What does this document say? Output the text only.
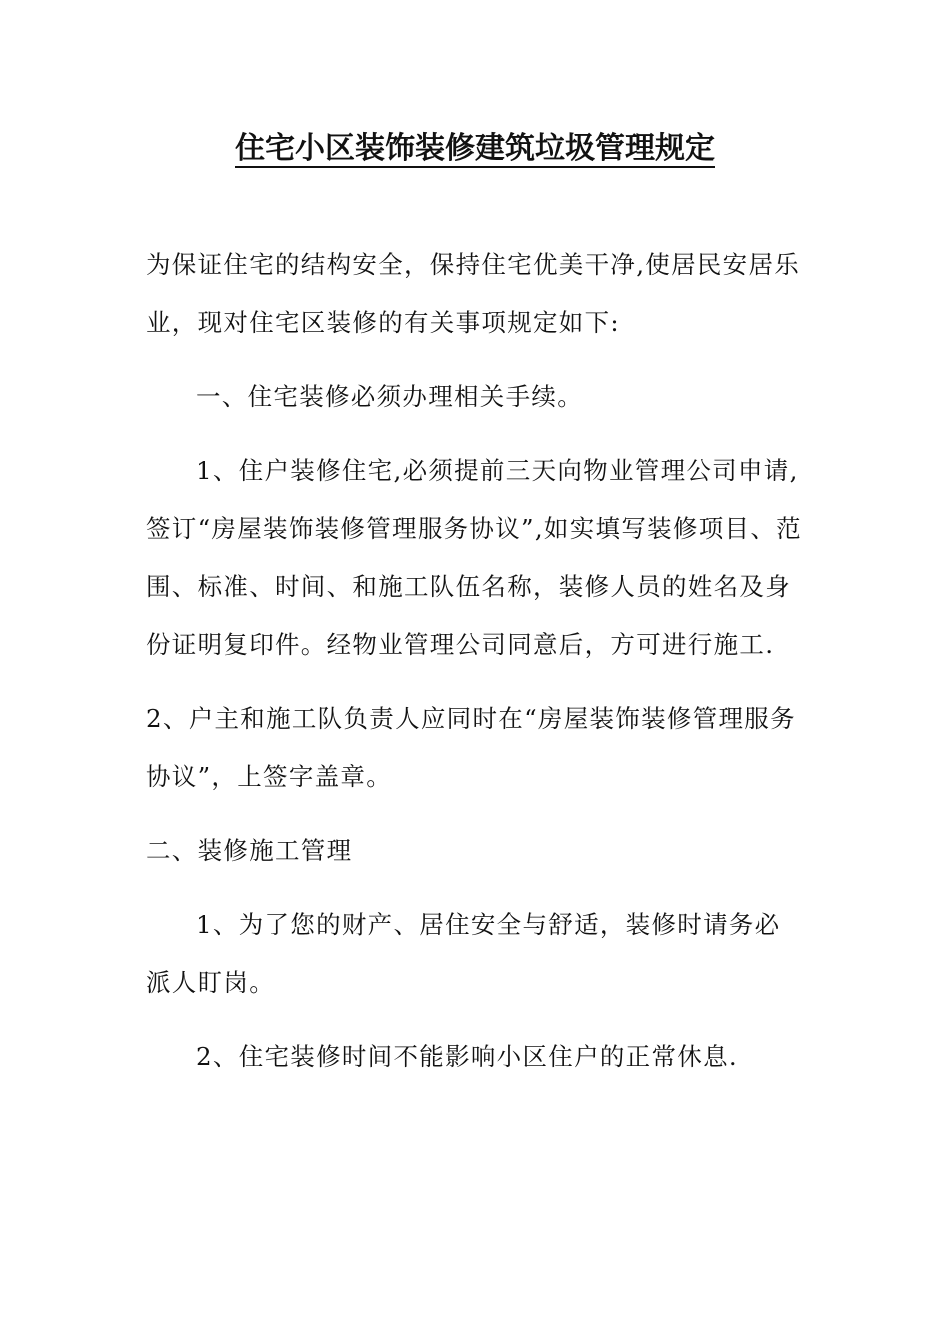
住宅小区装饰装修建筑垃圾管理规定

为保证住宅的结构安全，保持住宅优美干净,使居民安居乐业，现对住宅区装修的有关事项规定如下:

一、住宅装修必须办理相关手续。

1、住户装修住宅,必须提前三天向物业管理公司申请,签订“房屋装饰装修管理服务协议”,如实填写装修项目、范围、标准、时间、和施工队伍名称，装修人员的姓名及身份证明复印件。经物业管理公司同意后，方可进行施工.

2、户主和施工队负责人应同时在“房屋装饰装修管理服务协议”，上签字盖章。

二、装修施工管理

1、为了您的财产、居住安全与舒适，装修时请务必派人盯岗。

2、住宅装修时间不能影响小区住户的正常休息.
